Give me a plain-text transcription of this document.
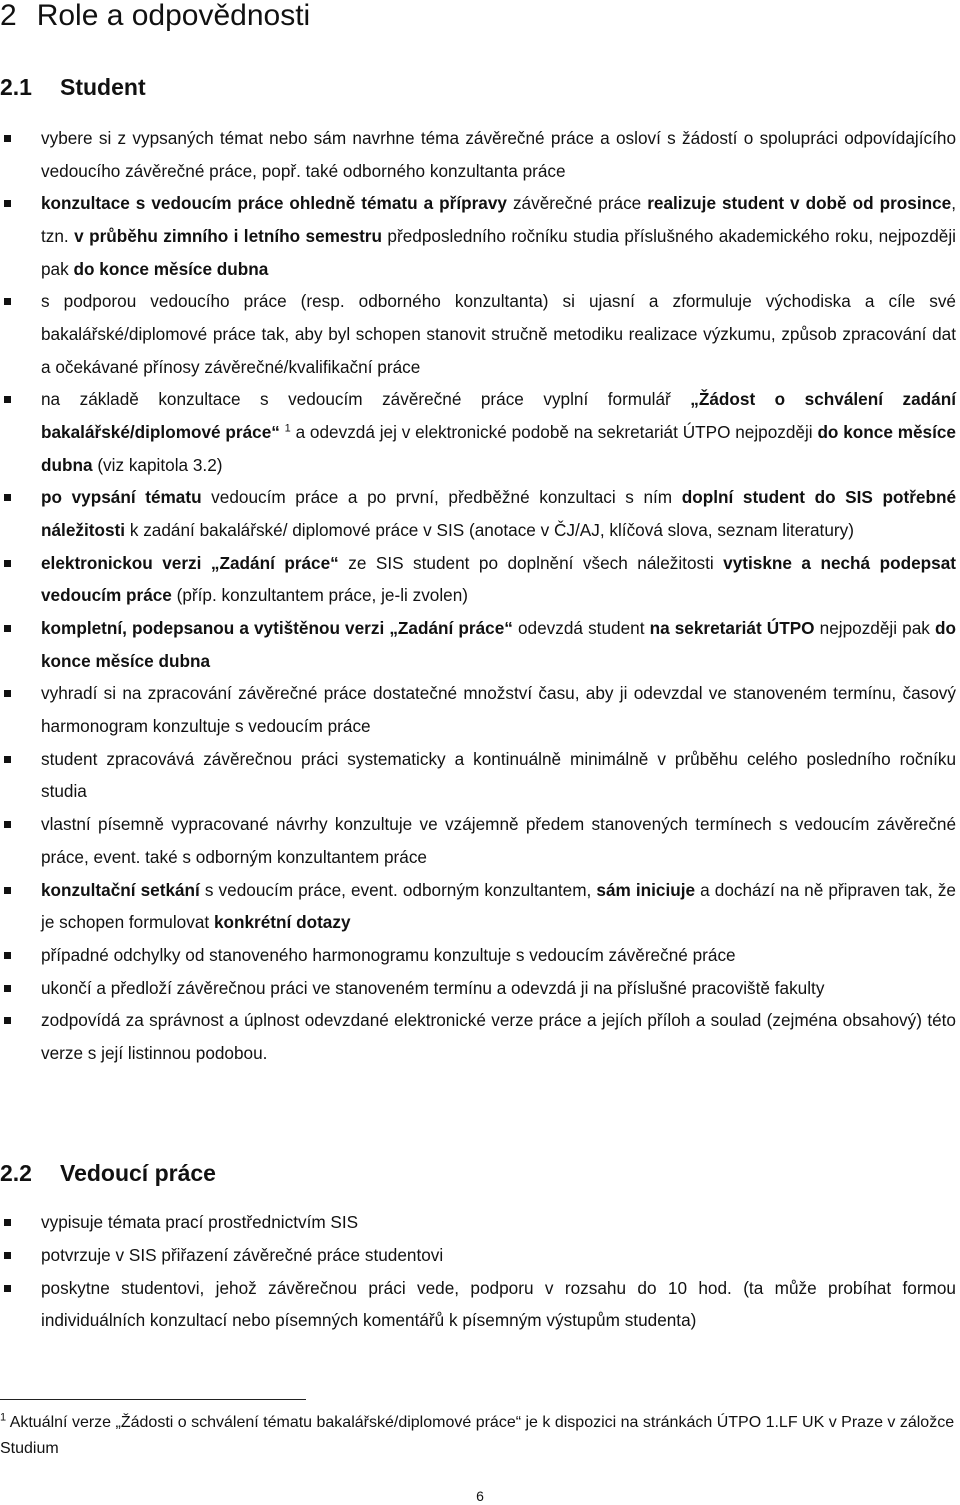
2 Role a odpovědnosti
2.1 Student
vybere si z vypsaných témat nebo sám navrhne téma závěrečné práce a osloví s žádostí o spolupráci odpovídajícího vedoucího závěrečné práce, popř. také odborného konzultanta práce
konzultace s vedoucím práce ohledně tématu a přípravy závěrečné práce realizuje student v době od prosince, tzn. v průběhu zimního i letního semestru předposledního ročníku studia příslušného akademického roku, nejpozději pak do konce měsíce dubna
s podporou vedoucího práce (resp. odborného konzultanta) si ujasní a zformuluje východiska a cíle své bakalářské/diplomové práce tak, aby byl schopen stanovit stručně metodiku realizace výzkumu, způsob zpracování dat a očekávané přínosy závěrečné/kvalifikační práce
na základě konzultace s vedoucím závěrečné práce vyplní formulář „Žádost o schválení zadání bakalářské/diplomové práce“ $^1$ a odevzdá jej v elektronické podobě na sekretariát ÚTPO nejpozději do konce měsíce dubna (viz kapitola 3.2)
po vypsání tématu vedoucím práce a po první, předběžné konzultaci s ním doplní student do SIS potřebné náležitosti k zadání bakalářské/ diplomové práce v SIS (anotace v ČJ/AJ, klíčová slova, seznam literatury)
elektronickou verzi „Zadání práce“ ze SIS student po doplnění všech náležitosti vytiskne a nechá podepsat vedoucím práce (příp. konzultantem práce, je-li zvolen)
kompletní, podepsanou a vytištěnou verzi „Zadání práce“ odevzdá student na sekretariát ÚTPO nejpozději pak do konce měsíce dubna
vyhradí si na zpracování závěrečné práce dostatečné množství času, aby ji odevzdal ve stanoveném termínu, časový harmonogram konzultuje s vedoucím práce
student zpracovává závěrečnou práci systematicky a kontinuálně minimálně v průběhu celého posledního ročníku studia
vlastní písemně vypracované návrhy konzultuje ve vzájemně předem stanovených termínech s vedoucím závěrečné práce, event. také s odborným konzultantem práce
konzultační setkání s vedoucím práce, event. odborným konzultantem, sám iniciuje a dochází na ně připraven tak, že je schopen formulovat konkrétní dotazy
případné odchylky od stanoveného harmonogramu konzultuje s vedoucím závěrečné práce
ukončí a předloží závěrečnou práci ve stanoveném termínu a odevzdá ji na příslušné pracoviště fakulty
zodpovídá za správnost a úplnost odevzdané elektronické verze práce a jejích příloh a soulad (zejména obsahový) této verze s její listinnou podobou.
2.2 Vedoucí práce
vypisuje témata prací prostřednictvím SIS
potvrzuje v SIS přiřazení závěrečné práce studentovi
poskytne studentovi, jehož závěrečnou práci vede, podporu v rozsahu do 10 hod. (ta může probíhat formou individuálních konzultací nebo písemných komentářů k písemným výstupům studenta)
$^1$ Aktuální verze „Žádosti o schválení tématu bakalářské/diplomové práce“ je k dispozici na stránkách ÚTPO 1.LF UK v Praze v záložce Studium
6
